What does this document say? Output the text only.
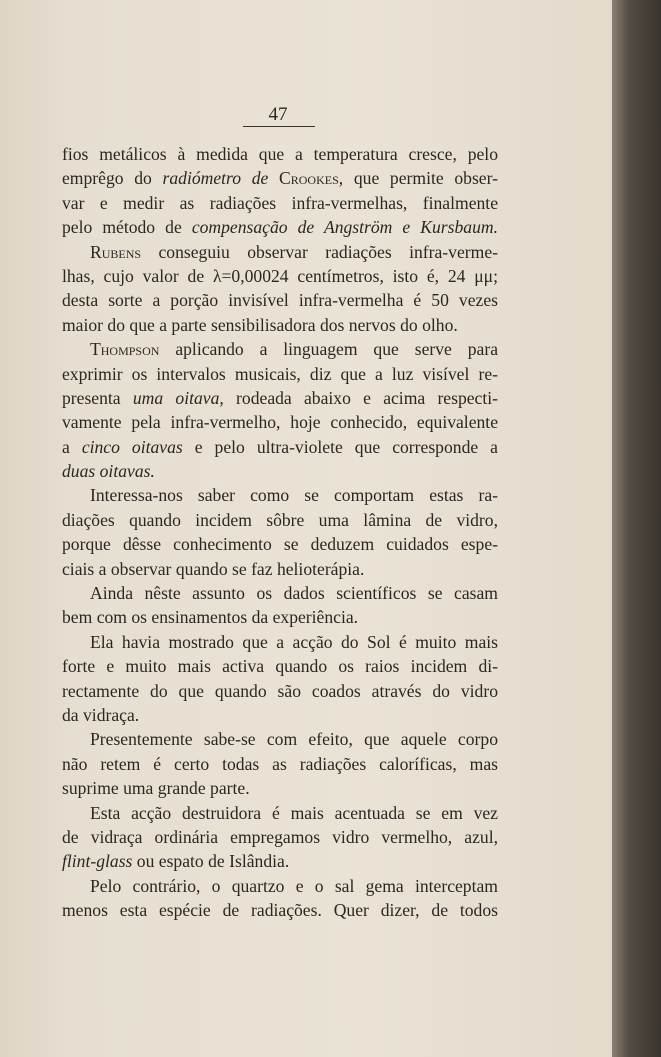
47
fios metálicos à medida que a temperatura cresce, pelo
emprêgo do radiómetro de Crookes, que permite obser-
var e medir as radiações infra-vermelhas, finalmente
pelo método de compensação de Angström e Kursbaum.
Rubens conseguiu observar radiações infra-verme-
lhas, cujo valor de λ=0,00024 centímetros, isto é, 24 μμ;
desta sorte a porção invisível infra-vermelha é 50 vezes
maior do que a parte sensibilisadora dos nervos do olho.
Thompson aplicando a linguagem que serve para
exprimir os intervalos musicais, diz que a luz visível re-
presenta uma oitava, rodeada abaixo e acima respecti-
vamente pela infra-vermelho, hoje conhecido, equivalente
a cinco oitavas e pelo ultra-violete que corresponde a
duas oitavas.
Interessa-nos saber como se comportam estas ra-
diações quando incidem sôbre uma lâmina de vidro,
porque dêsse conhecimento se deduzem cuidados espe-
ciais a observar quando se faz helioterápia.
Ainda nêste assunto os dados scientíficos se casam
bem com os ensinamentos da experiência.
Ela havia mostrado que a acção do Sol é muito mais
forte e muito mais activa quando os raios incidem di-
rectamente do que quando são coados através do vidro
da vidraça.
Presentemente sabe-se com efeito, que aquele corpo
não retem é certo todas as radiações caloríficas, mas
suprime uma grande parte.
Esta acção destruidora é mais acentuada se em vez
de vidraça ordinária empregamos vidro vermelho, azul,
flint-glass ou espato de Islândia.
Pelo contrário, o quartzo e o sal gema interceptam
menos esta espécie de radiações. Quer dizer, de todos
